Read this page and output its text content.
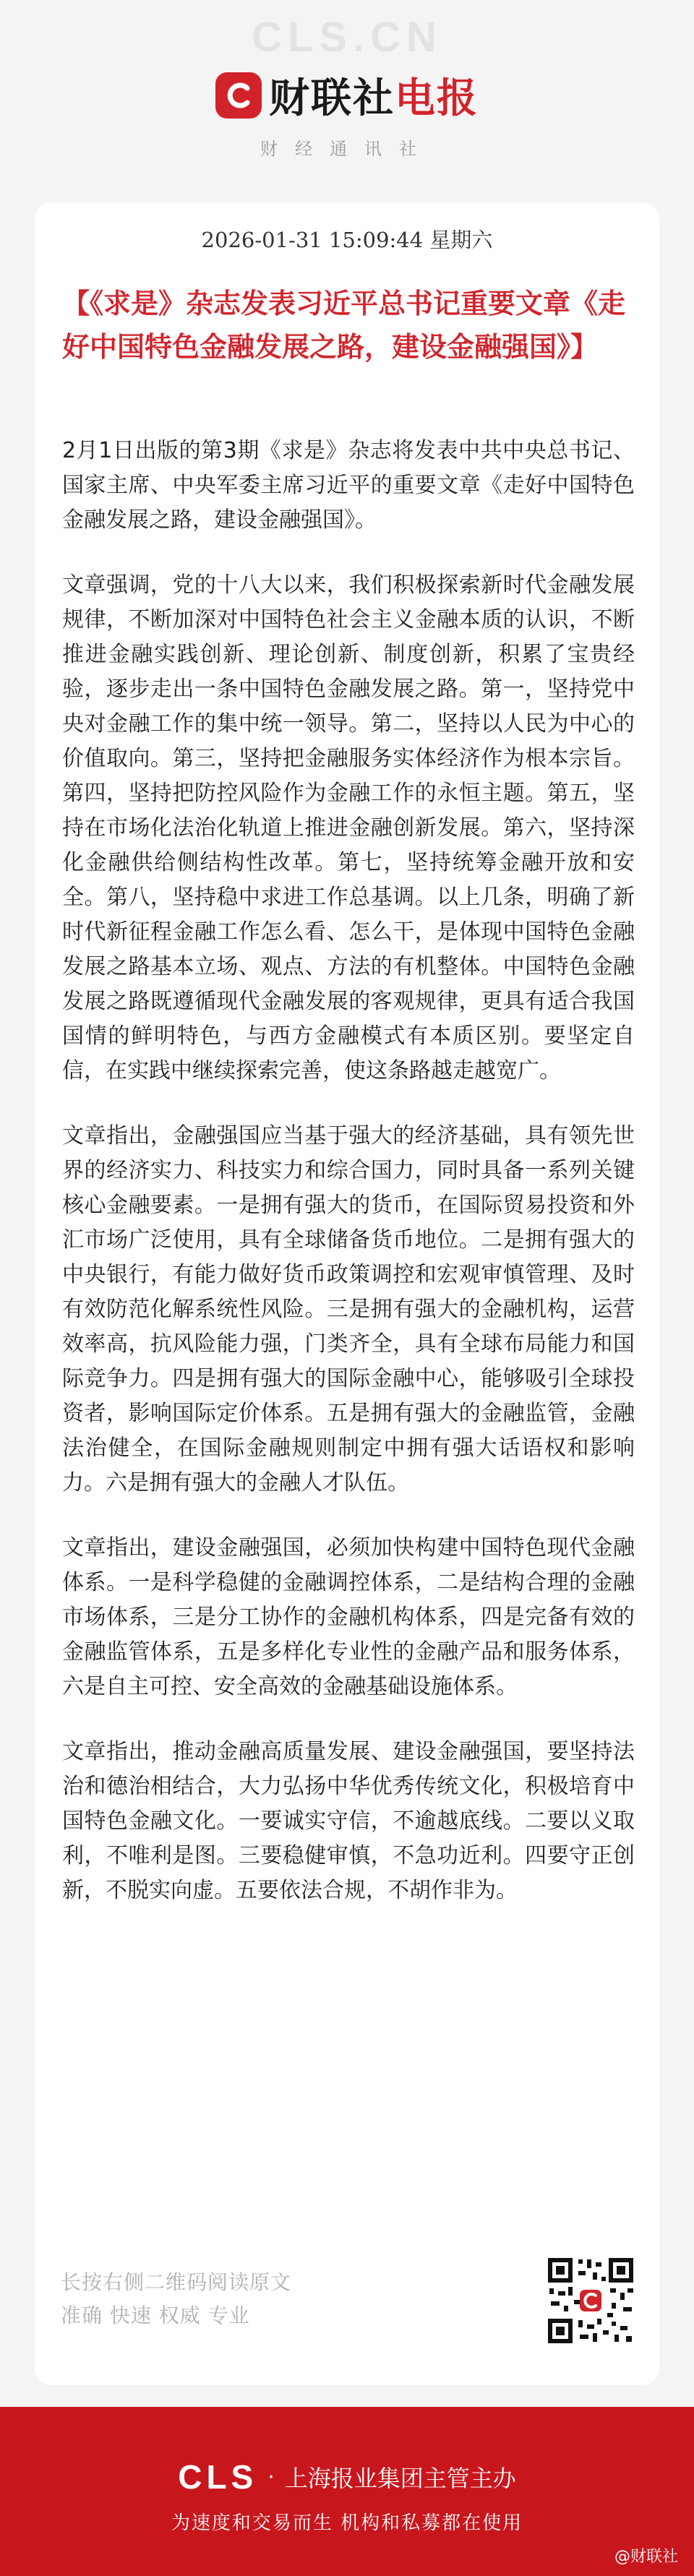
CLS.CN
财联社电报
财经通讯社
2026-01-31 15:09:44 星期六
【《求是》杂志发表习近平总书记重要文章《走好中国特色金融发展之路，建设金融强国》】

2月1日出版的第3期《求是》杂志将发表中共中央总书记、国家主席、中央军委主席习近平的重要文章《走好中国特色金融发展之路，建设金融强国》。

文章强调，党的十八大以来，我们积极探索新时代金融发展规律，不断加深对中国特色社会主义金融本质的认识，不断推进金融实践创新、理论创新、制度创新，积累了宝贵经验，逐步走出一条中国特色金融发展之路。第一，坚持党中央对金融工作的集中统一领导。第二，坚持以人民为中心的价值取向。第三，坚持把金融服务实体经济作为根本宗旨。第四，坚持把防控风险作为金融工作的永恒主题。第五，坚持在市场化法治化轨道上推进金融创新发展。第六，坚持深化金融供给侧结构性改革。第七，坚持统筹金融开放和安全。第八，坚持稳中求进工作总基调。以上几条，明确了新时代新征程金融工作怎么看、怎么干，是体现中国特色金融发展之路基本立场、观点、方法的有机整体。中国特色金融发展之路既遵循现代金融发展的客观规律，更具有适合我国国情的鲜明特色，与西方金融模式有本质区别。要坚定自信，在实践中继续探索完善，使这条路越走越宽广。

文章指出，金融强国应当基于强大的经济基础，具有领先世界的经济实力、科技实力和综合国力，同时具备一系列关键核心金融要素。一是拥有强大的货币，在国际贸易投资和外汇市场广泛使用，具有全球储备货币地位。二是拥有强大的中央银行，有能力做好货币政策调控和宏观审慎管理、及时有效防范化解系统性风险。三是拥有强大的金融机构，运营效率高，抗风险能力强，门类齐全，具有全球布局能力和国际竞争力。四是拥有强大的国际金融中心，能够吸引全球投资者，影响国际定价体系。五是拥有强大的金融监管，金融法治健全，在国际金融规则制定中拥有强大话语权和影响力。六是拥有强大的金融人才队伍。

文章指出，建设金融强国，必须加快构建中国特色现代金融体系。一是科学稳健的金融调控体系，二是结构合理的金融市场体系，三是分工协作的金融机构体系，四是完备有效的金融监管体系，五是多样化专业性的金融产品和服务体系，六是自主可控、安全高效的金融基础设施体系。

文章指出，推动金融高质量发展、建设金融强国，要坚持法治和德治相结合，大力弘扬中华优秀传统文化，积极培育中国特色金融文化。一要诚实守信，不逾越底线。二要以义取利，不唯利是图。三要稳健审慎，不急功近利。四要守正创新，不脱实向虚。五要依法合规，不胡作非为。

长按右侧二维码阅读原文
准确 快速 权威 专业
CLS · 上海报业集团主管主办
为速度和交易而生 机构和私募都在使用
@财联社
